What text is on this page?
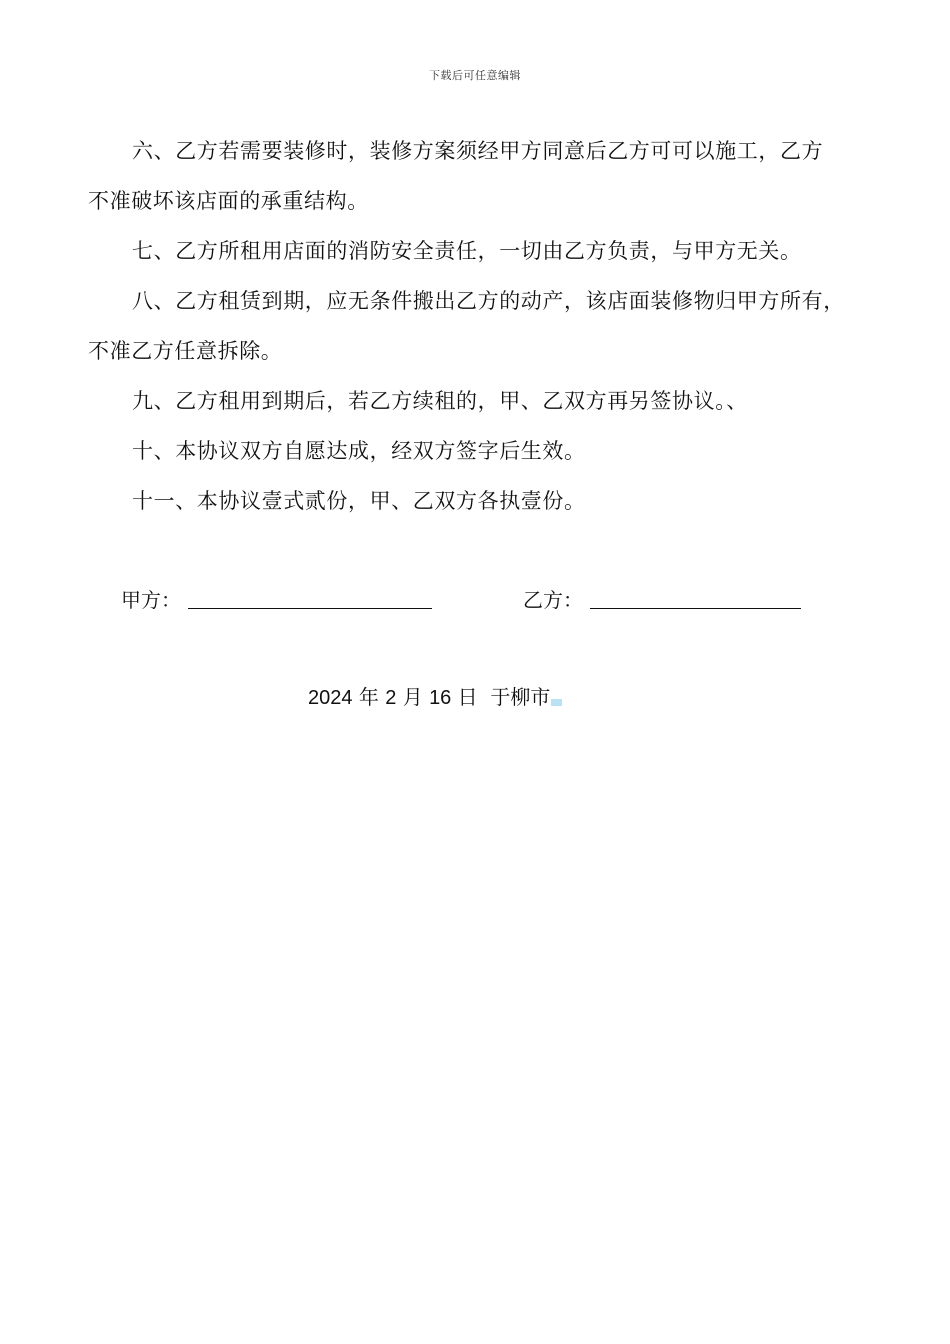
下载后可任意编辑
六、乙方若需要装修时，装修方案须经甲方同意后乙方可可以施工，乙方
不准破坏该店面的承重结构。
七、乙方所租用店面的消防安全责任，一切由乙方负责，与甲方无关。
八、乙方租赁到期，应无条件搬出乙方的动产，该店面装修物归甲方所有，
不准乙方任意拆除。
九、乙方租用到期后，若乙方续租的，甲、乙双方再另签协议。、
十、本协议双方自愿达成，经双方签字后生效。
十一、本协议壹式贰份，甲、乙双方各执壹份。
甲方：	乙方：
2024 年 2 月 16 日 于柳市
